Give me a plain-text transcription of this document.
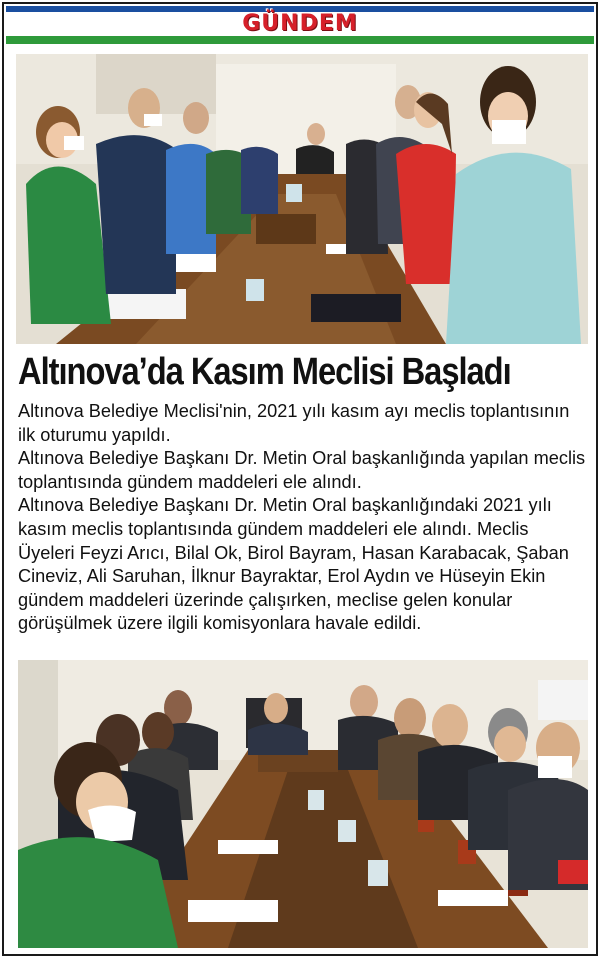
GÜNDEM
Altınova’da Kasım Meclisi Başladı

Altınova Belediye Meclisi'nin, 2021 yılı kasım ayı meclis toplantısının ilk oturumu yapıldı.

Altınova Belediye Başkanı Dr. Metin Oral başkanlığında yapılan meclis toplantısında gündem maddeleri ele alındı.

Altınova Belediye Başkanı Dr. Metin Oral başkanlığındaki 2021 yılı kasım meclis toplantısında gündem maddeleri ele alındı. Meclis Üyeleri Feyzi Arıcı, Bilal Ok, Birol Bayram, Hasan Karabacak, Şaban Cineviz, Ali Saruhan, İlknur Bayraktar, Erol Aydın ve Hüseyin Ekin gündem maddeleri üzerinde çalışırken, meclise gelen konular görüşülmek üzere ilgili komisyonlara havale edildi.
